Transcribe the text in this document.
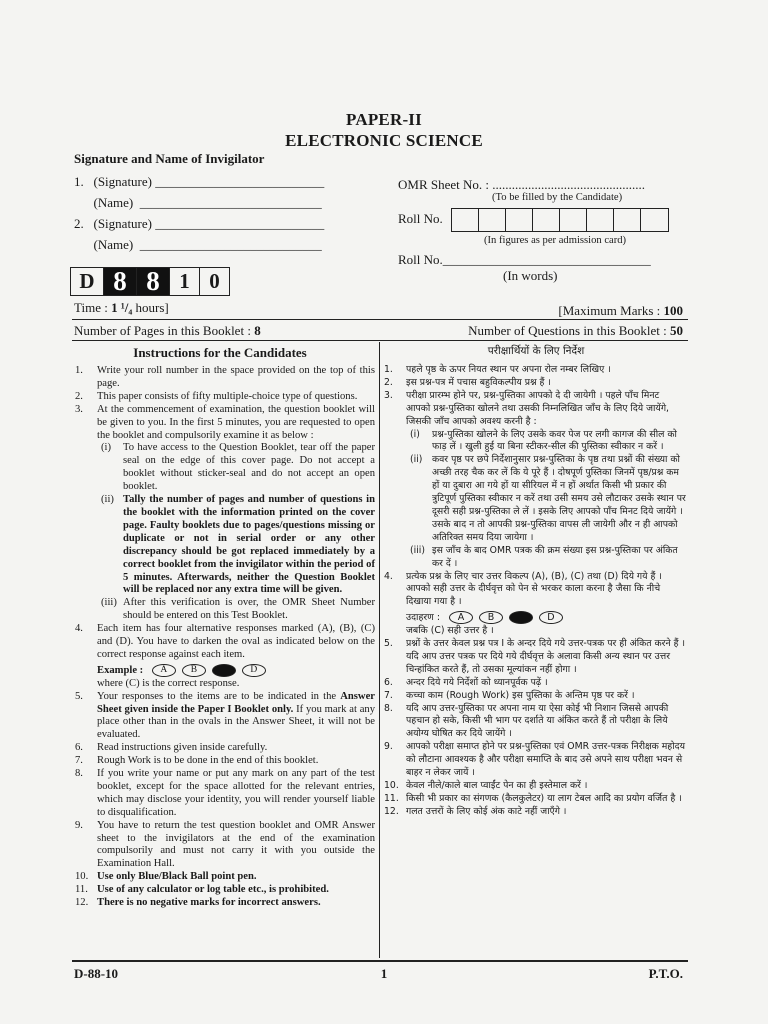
PAPER-II
ELECTRONIC SCIENCE
Signature and Name of Invigilator
1.   (Signature) __________________________
(Name)  ____________________________
2.   (Signature) __________________________
(Name)  ____________________________
OMR Sheet No. : ...............................................
(To be filled by the Candidate)
Roll No.
(In figures as per admission card)
Roll No.________________________________
(In words)
D 8 8 1 0
Time : 1 ¹/₄ hours]	[Maximum Marks : 100
Number of Pages in this Booklet : 8	Number of Questions in this Booklet : 50
Instructions for the Candidates
1. Write your roll number in the space provided on the top of this page.
2. This paper consists of fifty multiple-choice type of questions.
3. At the commencement of examination, the question booklet will be given to you. In the first 5 minutes, you are requested to open the booklet and compulsorily examine it as below :
(i) To have access to the Question Booklet, tear off the paper seal on the edge of this cover page. Do not accept a booklet without sticker-seal and do not accept an open booklet.
(ii) Tally the number of pages and number of questions in the booklet with the information printed on the cover page. Faulty booklets due to pages/questions missing or duplicate or not in serial order or any other discrepancy should be got replaced immediately by a correct booklet from the invigilator within the period of 5 minutes. Afterwards, neither the Question Booklet will be replaced nor any extra time will be given.
(iii) After this verification is over, the OMR Sheet Number should be entered on this Test Booklet.
4. Each item has four alternative responses marked (A), (B), (C) and (D). You have to darken the oval as indicated below on the correct response against each item.
Example :	A	B	D
where (C) is the correct response.
5. Your responses to the items are to be indicated in the Answer Sheet given inside the Paper I Booklet only. If you mark at any place other than in the ovals in the Answer Sheet, it will not be evaluated.
6. Read instructions given inside carefully.
7. Rough Work is to be done in the end of this booklet.
8. If you write your name or put any mark on any part of the test booklet, except for the space allotted for the relevant entries, which may disclose your identity, you will render yourself liable to disqualification.
9. You have to return the test question booklet and OMR Answer sheet to the invigilators at the end of the examination compulsorily and must not carry it with you outside the Examination Hall.
10. Use only Blue/Black Ball point pen.
11. Use of any calculator or log table etc., is prohibited.
12. There is no negative marks for incorrect answers.
परीक्षार्थियों के लिए निर्देश
1. पहले पृष्ठ के ऊपर नियत स्थान पर अपना रोल नम्बर लिखिए ।
2. इस प्रश्न-पत्र में पचास बहुविकल्पीय प्रश्न हैं ।
3. परीक्षा प्रारम्भ होने पर, प्रश्न-पुस्तिका आपको दे दी जायेगी । पहले पाँच मिनट आपको प्रश्न-पुस्तिका खोलने तथा उसकी निम्नलिखित जाँच के लिए दिये जायेंगे, जिसकी जाँच आपको अवश्य करनी है :
(i) प्रश्न-पुस्तिका खोलने के लिए उसके कवर पेज पर लगी कागज की सील को फाड़ लें । खुली हुई या बिना स्टीकर-सील की पुस्तिका स्वीकार न करें ।
(ii) कवर पृष्ठ पर छपे निर्देशानुसार प्रश्न-पुस्तिका के पृष्ठ तथा प्रश्नों की संख्या को अच्छी तरह चैक कर लें कि ये पूरे हैं । दोषपूर्ण पुस्तिका जिनमें पृष्ठ/प्रश्न कम हों या दुबारा आ गये हों या सीरियल में न हों अर्थात किसी भी प्रकार की त्रुटिपूर्ण पुस्तिका स्वीकार न करें तथा उसी समय उसे लौटाकर उसके स्थान पर दूसरी सही प्रश्न-पुस्तिका ले लें । इसके लिए आपको पाँच मिनट दिये जायेंगे । उसके बाद न तो आपकी प्रश्न-पुस्तिका वापस ली जायेगी और न ही आपको अतिरिक्त समय दिया जायेगा ।
(iii) इस जाँच के बाद OMR पत्रक की क्रम संख्या इस प्रश्न-पुस्तिका पर अंकित कर दें ।
4. प्रत्येक प्रश्न के लिए चार उत्तर विकल्प (A), (B), (C) तथा (D) दिये गये हैं । आपको सही उत्तर के दीर्घवृत्त को पेन से भरकर काला करना है जैसा कि नीचे दिखाया गया है ।
उदाहरण :	A	B	D
जबकि (C) सही उत्तर है ।
5. प्रश्नों के उत्तर केवल प्रश्न पत्र I के अन्दर दिये गये उत्तर-पत्रक पर ही अंकित करने हैं । यदि आप उत्तर पत्रक पर दिये गये दीर्घवृत्त के अलावा किसी अन्य स्थान पर उत्तर चिन्हांकित करते हैं, तो उसका मूल्यांकन नहीं होगा ।
6. अन्दर दिये गये निर्देशों को ध्यानपूर्वक पढ़ें ।
7. कच्चा काम (Rough Work) इस पुस्तिका के अन्तिम पृष्ठ पर करें ।
8. यदि आप उत्तर-पुस्तिका पर अपना नाम या ऐसा कोई भी निशान जिससे आपकी पहचान हो सके, किसी भी भाग पर दर्शाते या अंकित करते हैं तो परीक्षा के लिये अयोग्य घोषित कर दिये जायेंगे ।
9. आपको परीक्षा समाप्त होने पर प्रश्न-पुस्तिका एवं OMR उत्तर-पत्रक निरीक्षक महोदय को लौटाना आवश्यक है और परीक्षा समाप्ति के बाद उसे अपने साथ परीक्षा भवन से बाहर न लेकर जायें ।
10. केवल नीले/काले बाल प्वाईंट पेन का ही इस्तेमाल करें ।
11. किसी भी प्रकार का संगणक (कैलकुलेटर) या लाग टेबल आदि का प्रयोग वर्जित है ।
12. गलत उत्तरों के लिए कोई अंक काटे नहीं जाएँगे ।
D-88-10	1	P.T.O.
